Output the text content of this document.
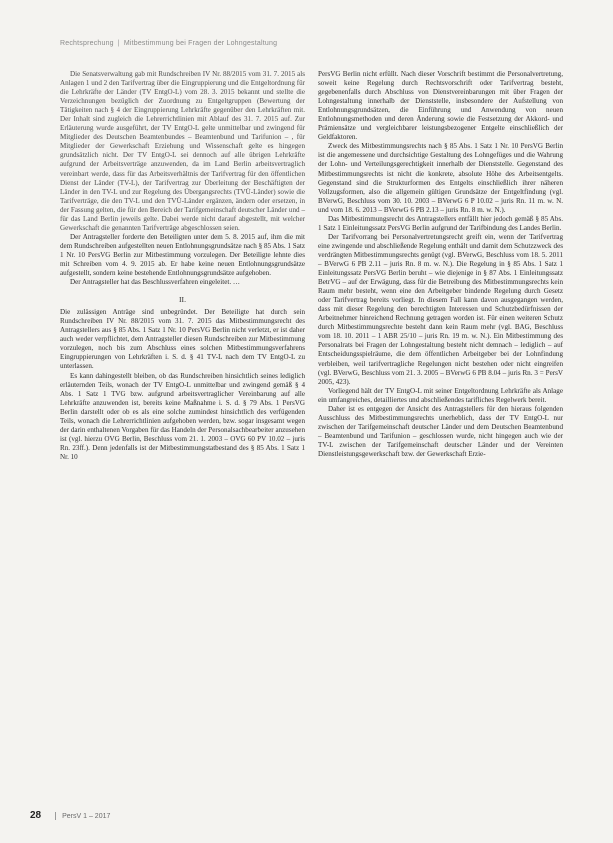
Rechtsprechung | Mitbestimmung bei Fragen der Lohngestaltung

Die Senatsverwaltung gab mit Rundschreiben IV Nr. 88/2015 vom 31. 7. 2015 als Anlagen 1 und 2 den Tarifvertrag über die Eingruppierung und die Entgeltordnung für die Lehrkräfte der Länder (TV EntgO-L) vom 28. 3. 2015 bekannt und stellte die Verzeichnungen bezüglich der Zuordnung zu Entgeltgruppen (Bewertung der Tätigkeiten nach § 4 der Eingruppierung Lehrkräfte gegenüber den Lehrkräften mit. Der Inhalt sind zugleich die Lehrerrichtlinien mit Ablauf des 31. 7. 2015 auf. Zur Erläuterung wurde ausgeführt, der TV EntgO-L gelte unmittelbar und zwingend für Mitglieder des Deutschen Beamtenbundes – Beamtenbund und Tarifunion – , für Mitglieder der Gewerkschaft Erziehung und Wissenschaft gelte es hingegen grundsätzlich nicht. Der TV EntgO-L sei dennoch auf alle übrigen Lehrkräfte aufgrund der Arbeitsverträge anzuwenden, da im Land Berlin arbeitsvertraglich vereinbart werde, dass für das Arbeitsverhältnis der Tarifvertrag für den öffentlichen Dienst der Länder (TV-L), der Tarifvertrag zur Überleitung der Beschäftigten der Länder in den TV-L und zur Regelung des Übergangsrechts (TVÜ-Länder) sowie die Tarifverträge, die den TV-L und den TVÜ-Länder ergänzen, ändern oder ersetzen, in der Fassung gelten, die für den Bereich der Tarifgemeinschaft deutscher Länder und – für das Land Berlin jeweils gelte. Dabei werde nicht darauf abgestellt, mit welcher Gewerkschaft die genannten Tarifverträge abgeschlossen seien.

Der Antragsteller forderte den Beteiligten unter dem 5. 8. 2015 auf, ihm die mit dem Rundschreiben aufgestellten neuen Entlohnungsgrundsätze nach § 85 Abs. 1 Satz 1 Nr. 10 PersVG Berlin zur Mitbestimmung vorzulegen. Der Beteiligte lehnte dies mit Schreiben vom 4. 9. 2015 ab. Er habe keine neuen Entlohnungsgrundsätze aufgestellt, sondern keine bestehende Entlohnungsgrundsätze aufgehoben.

Der Antragsteller hat das Beschlussverfahren eingeleitet. …

II.

Die zulässigen Anträge sind unbegründet. Der Beteiligte hat durch sein Rundschreiben IV Nr. 88/2015 vom 31. 7. 2015 das Mitbestimmungsrecht des Antragstellers aus § 85 Abs. 1 Satz 1 Nr. 10 PersVG Berlin nicht verletzt, er ist daher auch weder verpflichtet, dem Antragsteller diesen Rundschreiben zur Mitbestimmung vorzulegen, noch bis zum Abschluss eines solchen Mitbestimmungsverfahrens Eingruppierungen von Lehrkräften i. S. d. § 41 TV-L nach dem TV EntgO-L zu unterlassen.

Es kann dahingestellt bleiben, ob das Rundschreiben hinsichtlich seines lediglich erläuternden Teils, wonach der TV EntgO-L unmittelbar und zwingend gemäß § 4 Abs. 1 Satz 1 TVG bzw. aufgrund arbeitsvertraglicher Vereinbarung auf alle Lehrkräfte anzuwenden ist, bereits keine Maßnahme i. S. d. § 79 Abs. 1 PersVG Berlin darstellt oder ob es als eine solche zumindest hinsichtlich des verfügenden Teils, wonach die Lehrerrichtlinien aufgehoben werden, bzw. sogar insgesamt wegen der darin enthaltenen Vorgaben für das Handeln der Personalsachbearbeiter anzusehen ist (vgl. hierzu OVG Berlin, Beschluss vom 21. 1. 2003 – OVG 60 PV 10.02 – juris Rn. 23ff.). Denn jedenfalls ist der Mitbestimmungstatbestand des § 85 Abs. 1 Satz 1 Nr. 10

PersVG Berlin nicht erfüllt. Nach dieser Vorschrift bestimmt die Personalvertretung, soweit keine Regelung durch Rechtsvorschrift oder Tarifvertrag besteht, gegebenenfalls durch Abschluss von Dienstvereinbarungen mit über Fragen der Lohngestaltung innerhalb der Dienststelle, insbesondere der Aufstellung von Entlohnungsgrundsätzen, die Einführung und Anwendung von neuen Entlohnungsmethoden und deren Änderung sowie die Festsetzung der Akkord- und Prämiensätze und vergleichbarer leistungsbezogener Entgelte einschließlich der Geldfaktoren.

Zweck des Mitbestimmungsrechts nach § 85 Abs. 1 Satz 1 Nr. 10 PersVG Berlin ist die angemessene und durchsichtige Gestaltung des Lohngefüges und die Wahrung der Lohn- und Verteilungsgerechtigkeit innerhalb der Dienststelle. Gegenstand des Mitbestimmungsrechts ist nicht die konkrete, absolute Höhe des Arbeitsentgelts. Gegenstand sind die Strukturformen des Entgelts einschließlich ihrer näheren Vollzugsformen, also die allgemein gültigen Grundsätze der Entgeltfindung (vgl. BVerwG, Beschluss vom 30. 10. 2003 – BVerwG 6 P 10.02 – juris Rn. 11 m. w. N. und vom 18. 6. 2013 – BVerwG 6 PB 2.13 – juris Rn. 8 m. w. N.).

Das Mitbestimmungsrecht des Antragstellers entfällt hier jedoch gemäß § 85 Abs. 1 Satz 1 Einleitungssatz PersVG Berlin aufgrund der Tarifbindung des Landes Berlin.

Der Tarifvorrang bei Personalvertretungsrecht greift ein, wenn der Tarifvertrag eine zwingende und abschließende Regelung enthält und damit dem Schutzzweck des verdrängten Mitbestimmungsrechts genügt (vgl. BVerwG, Beschluss vom 18. 5. 2011 – BVerwG 6 PB 2.11 – juris Rn. 8 m. w. N.). Die Regelung in § 85 Abs. 1 Satz 1 Einleitungssatz PersVG Berlin beruht – wie diejenige in § 87 Abs. 1 Einleitungssatz BetrVG – auf der Erwägung, dass für die Betreibung des Mitbestimmungsrechts kein Raum mehr besteht, wenn eine den Arbeitgeber bindende Regelung durch Gesetz oder Tarifvertrag bereits vorliegt. In diesem Fall kann davon ausgegangen werden, dass mit dieser Regelung den berechtigten Interessen und Schutzbedürfnissen der Arbeitnehmer hinreichend Rechnung getragen worden ist. Für einen weiteren Schutz durch Mitbestimmungsrechte besteht dann kein Raum mehr (vgl. BAG, Beschluss vom 18. 10. 2011 – 1 ABR 25/10 – juris Rn. 19 m. w. N.). Ein Mitbestimmung des Personalrats bei Fragen der Lohngestaltung besteht nicht demnach – lediglich – auf Entscheidungsspielräume, die dem öffentlichen Arbeitgeber bei der Lohnfindung verbleiben, weil tarifvertragliche Regelungen nicht bestehen oder nicht eingreifen (vgl. BVerwG, Beschluss vom 21. 3. 2005 – BVerwG 6 PB 8.04 – juris Rn. 3 = PersV 2005, 423).

Vorliegend hält der TV EntgO-L mit seiner Entgeltordnung Lehrkräfte als Anlage ein umfangreiches, detailliertes und abschließendes tarifliches Regelwerk bereit.

Daher ist es entgegen der Ansicht des Antragstellers für den hieraus folgenden Ausschluss des Mitbestimmungsrechts unerheblich, dass der TV EntgO-L nur zwischen der Tarifgemeinschaft deutscher Länder und dem Deutschen Beamtenbund – Beamtenbund und Tarifunion – geschlossen wurde, nicht hingegen auch wie der TV-L zwischen der Tarifgemeinschaft deutscher Länder und der Vereinten Dienstleistungsgewerkschaft bzw. der Gewerkschaft Erzie-

28	PersV 1 – 2017
